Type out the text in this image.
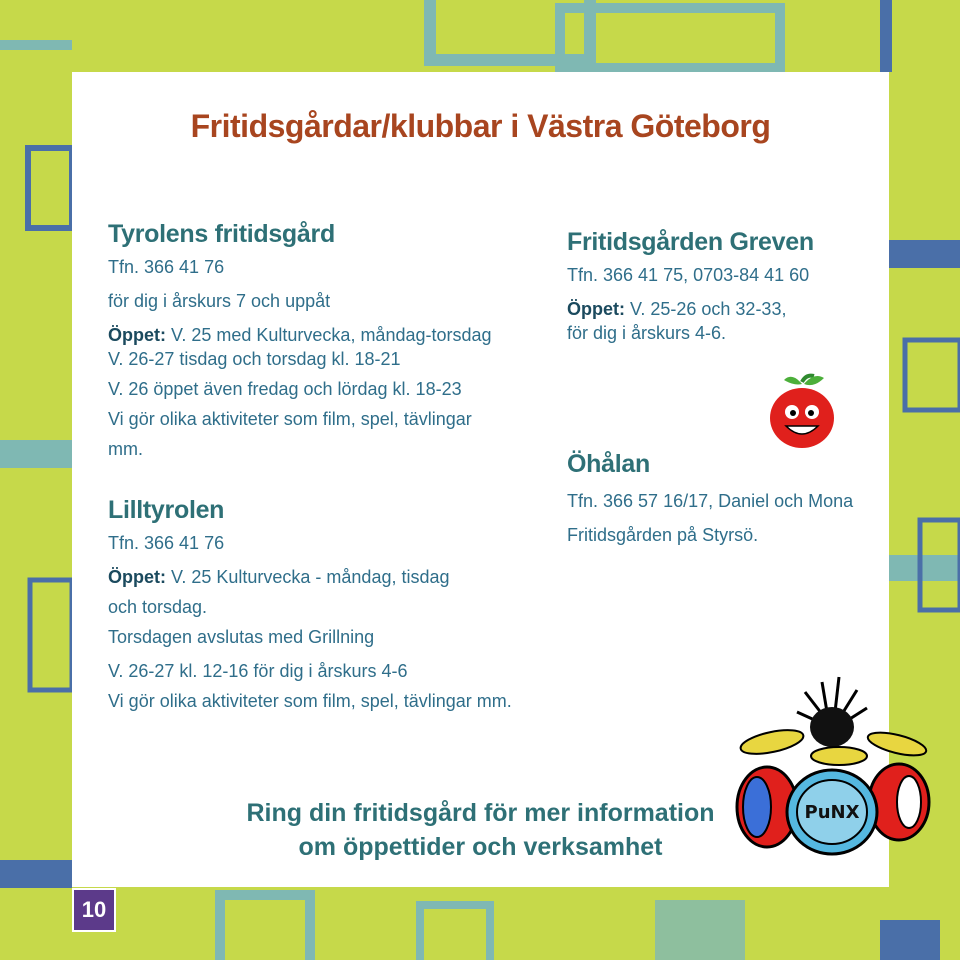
Fritidsgårdar/klubbar i Västra Göteborg
Tyrolens fritidsgård
Tfn. 366 41 76
för dig i årskurs 7 och uppåt
Öppet: V. 25 med Kulturvecka, måndag-torsdag
V. 26-27 tisdag och torsdag kl. 18-21
V. 26 öppet även fredag och lördag kl. 18-23
Vi gör olika aktiviteter som film, spel, tävlingar
mm.
Lilltyrolen
Tfn. 366 41 76
Öppet: V. 25 Kulturvecka - måndag, tisdag
och torsdag.
Torsdagen avslutas med Grillning
V. 26-27 kl. 12-16 för dig i årskurs 4-6
Vi gör olika aktiviteter som film, spel, tävlingar mm.
Fritidsgården Greven
Tfn. 366 41 75, 0703-84 41 60
Öppet: V. 25-26 och 32-33,
för dig i årskurs 4-6.
Öhålan
Tfn. 366 57 16/17, Daniel och Mona
Fritidsgården på Styrsö.
Ring din fritidsgård för mer information
om öppettider och verksamhet
PuNX
10
